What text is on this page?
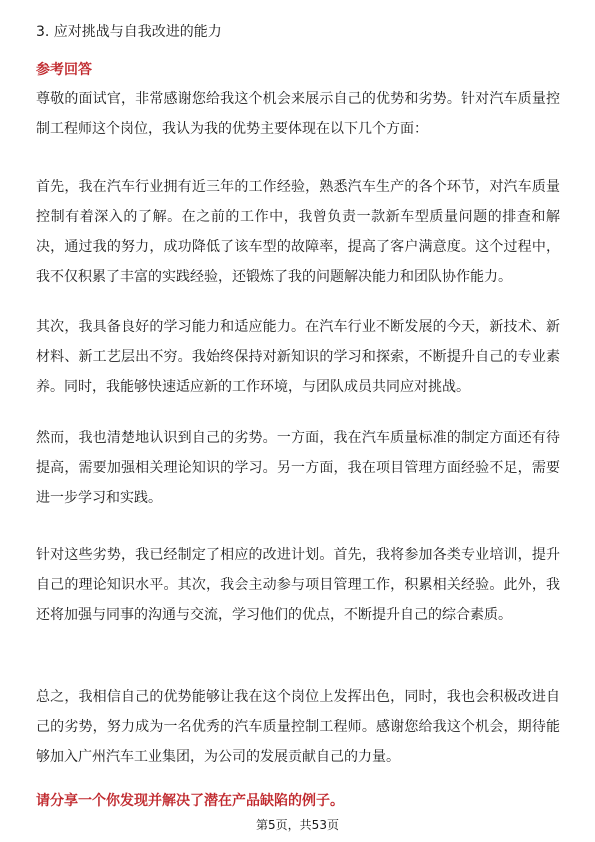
3. 应对挑战与自我改进的能力
参考回答
尊敬的面试官，非常感谢您给我这个机会来展示自己的优势和劣势。针对汽车质量控制工程师这个岗位，我认为我的优势主要体现在以下几个方面：
首先，我在汽车行业拥有近三年的工作经验，熟悉汽车生产的各个环节，对汽车质量控制有着深入的了解。在之前的工作中，我曾负责一款新车型质量问题的排查和解决，通过我的努力，成功降低了该车型的故障率，提高了客户满意度。这个过程中，我不仅积累了丰富的实践经验，还锻炼了我的问题解决能力和团队协作能力。
其次，我具备良好的学习能力和适应能力。在汽车行业不断发展的今天，新技术、新材料、新工艺层出不穷。我始终保持对新知识的学习和探索，不断提升自己的专业素养。同时，我能够快速适应新的工作环境，与团队成员共同应对挑战。
然而，我也清楚地认识到自己的劣势。一方面，我在汽车质量标准的制定方面还有待提高，需要加强相关理论知识的学习。另一方面，我在项目管理方面经验不足，需要进一步学习和实践。
针对这些劣势，我已经制定了相应的改进计划。首先，我将参加各类专业培训，提升自己的理论知识水平。其次，我会主动参与项目管理工作，积累相关经验。此外，我还将加强与同事的沟通与交流，学习他们的优点，不断提升自己的综合素质。
总之，我相信自己的优势能够让我在这个岗位上发挥出色，同时，我也会积极改进自己的劣势，努力成为一名优秀的汽车质量控制工程师。感谢您给我这个机会，期待能够加入广州汽车工业集团，为公司的发展贡献自己的力量。
请分享一个你发现并解决了潜在产品缺陷的例子。
第5页，共53页
